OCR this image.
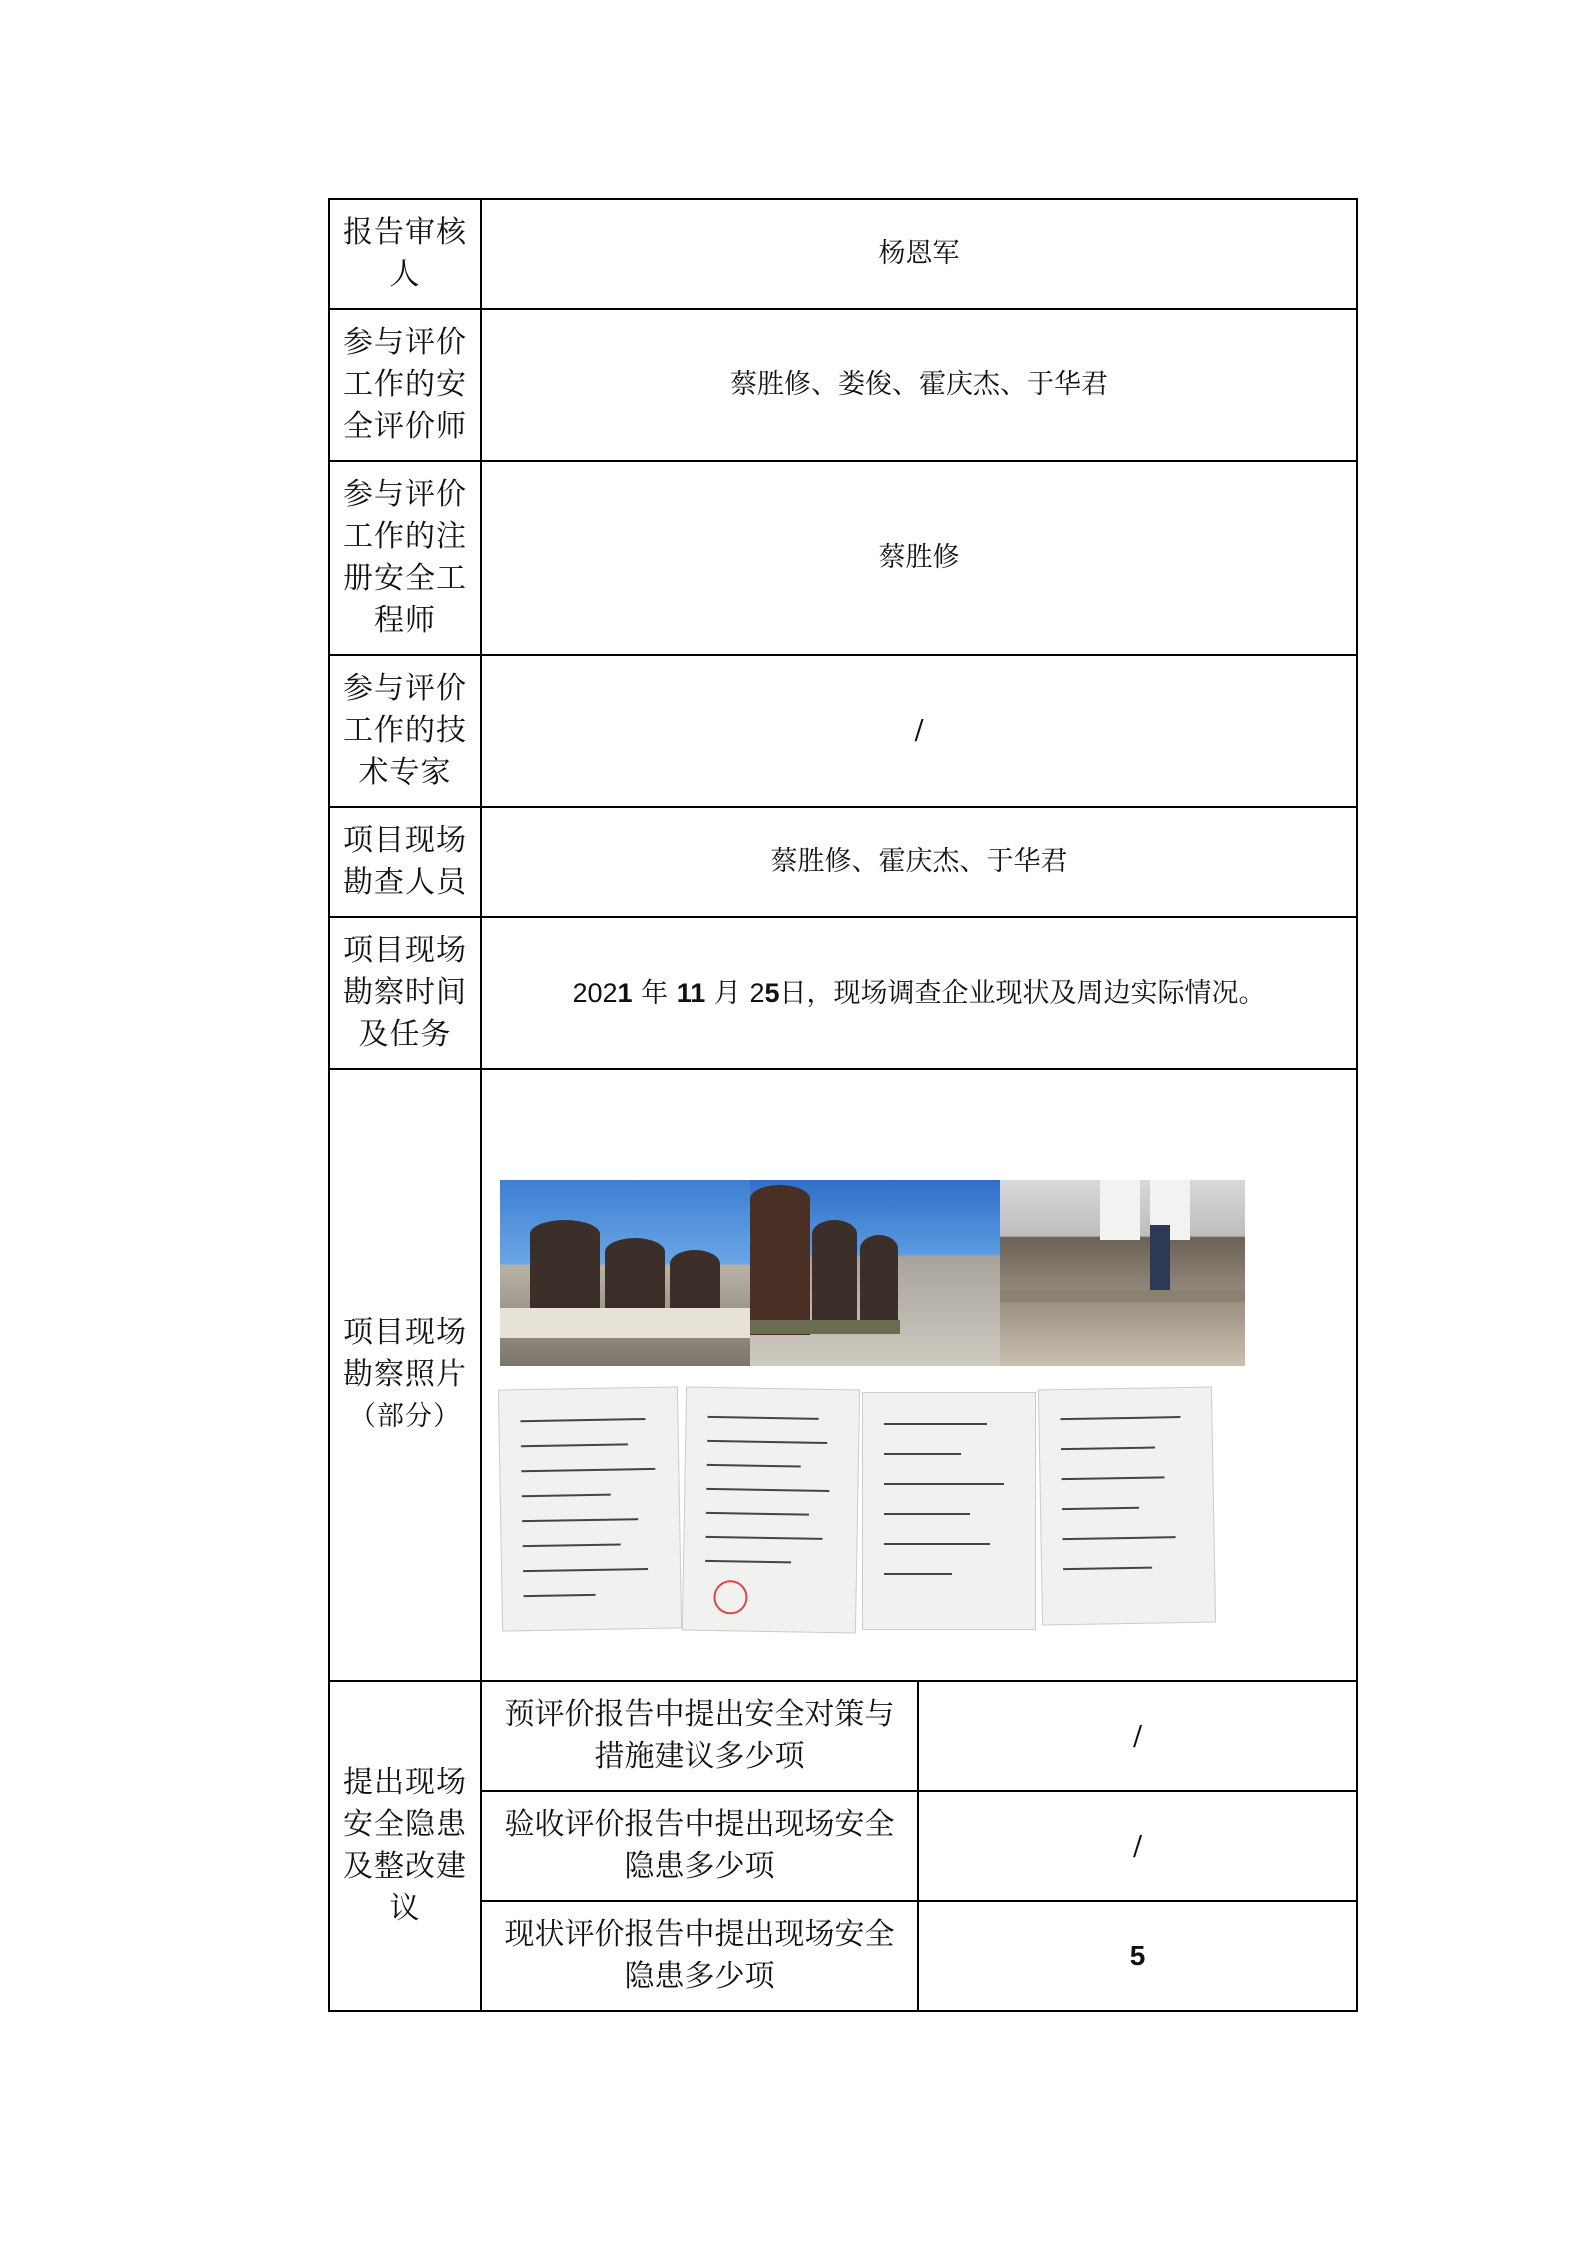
报告审核人	杨恩军	
参与评价工作的安全评价师	蔡胜修、娄俊、霍庆杰、于华君	
参与评价工作的注册安全工程师	蔡胜修	
参与评价工作的技术专家	/	
项目现场勘查人员	蔡胜修、霍庆杰、于华君	
项目现场勘察时间及任务	2021 年 11 月 25日，现场调查企业现状及周边实际情况。	

项目现场勘察照片
（部分）		

提出现场安全隐患及整改建议	预评价报告中提出安全对策与措施建议多少项	/
	验收评价报告中提出现场安全隐患多少项	/
	现状评价报告中提出现场安全隐患多少项	5
